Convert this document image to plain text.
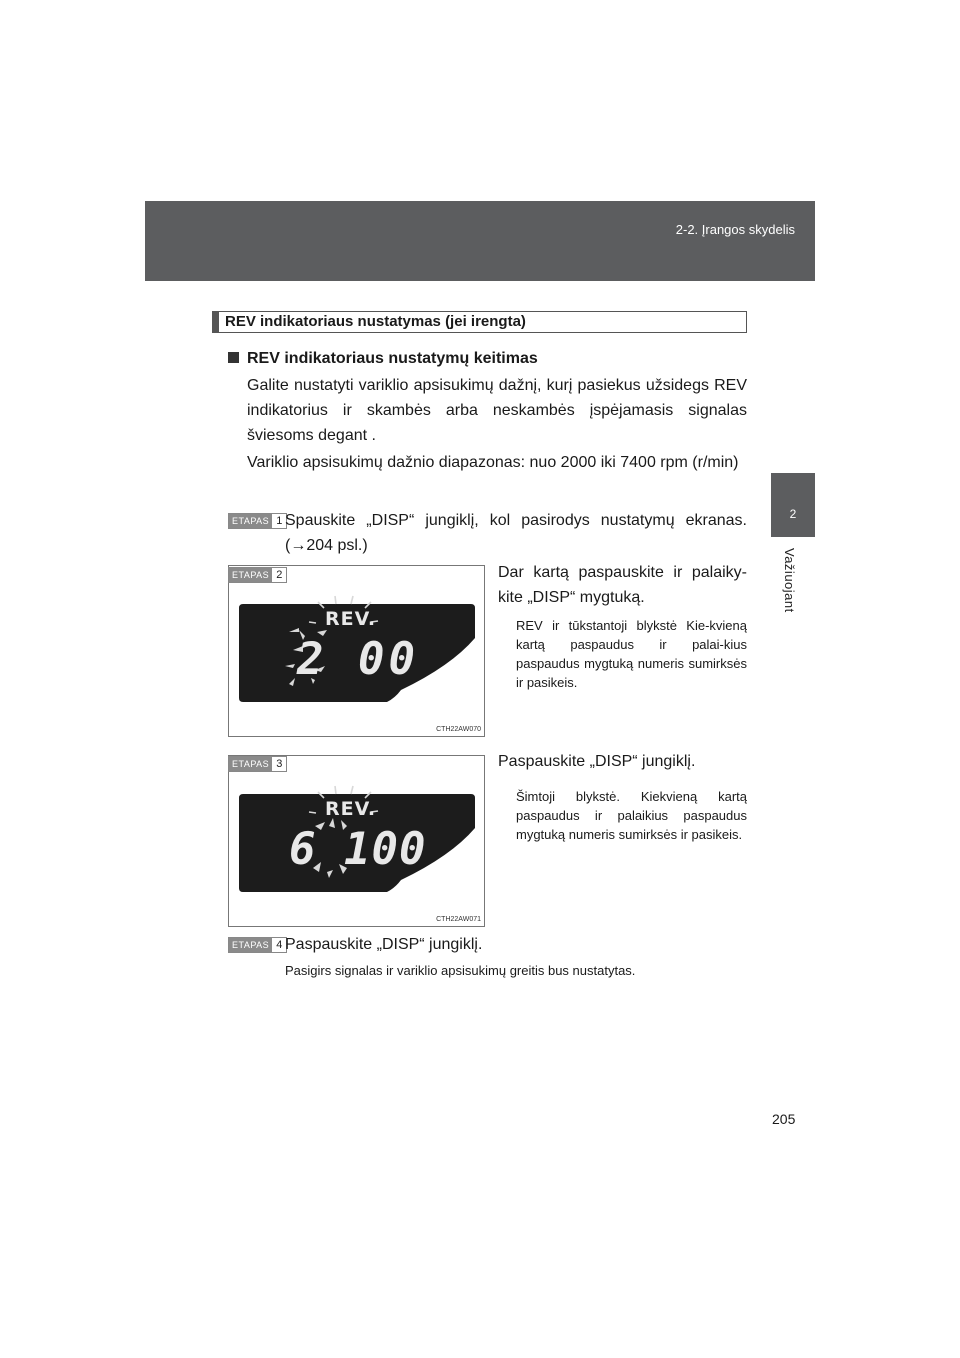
2-2. Įrangos skydelis
2
Važiuojant
REV indikatoriaus nustatymas (jei irengta)
REV indikatoriaus nustatymų keitimas
Galite nustatyti variklio apsisukimų dažnį, kurį pasiekus užsidegs REV indikatorius ir skambės arba neskambės įspėjamasis signalas šviesoms degant .
Variklio apsisukimų dažnio diapazonas: nuo 2000 iki 7400 rpm (r/min)
ETAPAS 1 Spauskite „DISP“ jungiklį, kol pasirodys nustatymų ekranas. (→204 psl.)
REV.
2 00
CTH22AW070
ETAPAS 2	Dar kartą paspauskite ir palaiky-kite „DISP“ mygtuką.
REV ir tūkstantoji blykstė Kie-kvieną kartą paspaudus ir palai-kius paspaudus mygtuką numeris sumirksės ir pasikeis.
REV.
6 100
CTH22AW071
ETAPAS 3	Paspauskite „DISP“ jungiklį.
Šimtoji blykstė. Kiekvieną kartą paspaudus ir palaikius paspaudus mygtuką numeris sumirksės ir pasikeis.
ETAPAS 4 Paspauskite „DISP“ jungiklį.
Pasigirs signalas ir variklio apsisukimų greitis bus nustatytas.
205
